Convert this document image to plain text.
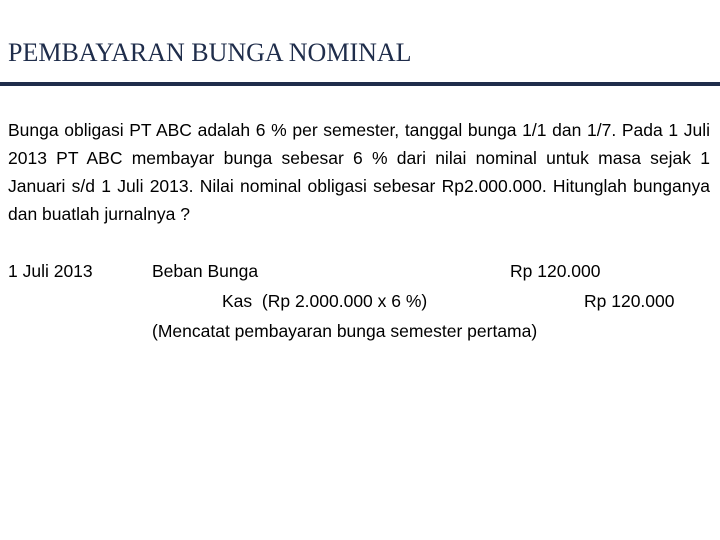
PEMBAYARAN BUNGA NOMINAL
Bunga obligasi PT ABC adalah 6 % per semester, tanggal bunga 1/1 dan 1/7. Pada 1 Juli 2013 PT ABC membayar bunga sebesar 6 % dari nilai nominal untuk masa sejak 1 Januari s/d 1 Juli 2013. Nilai nominal obligasi sebesar Rp2.000.000. Hitunglah bunganya dan buatlah jurnalnya ?
1 Juli 2013	Beban Bunga	Rp 120.000
Kas  (Rp 2.000.000 x 6 %)	Rp 120.000
(Mencatat pembayaran bunga semester pertama)
